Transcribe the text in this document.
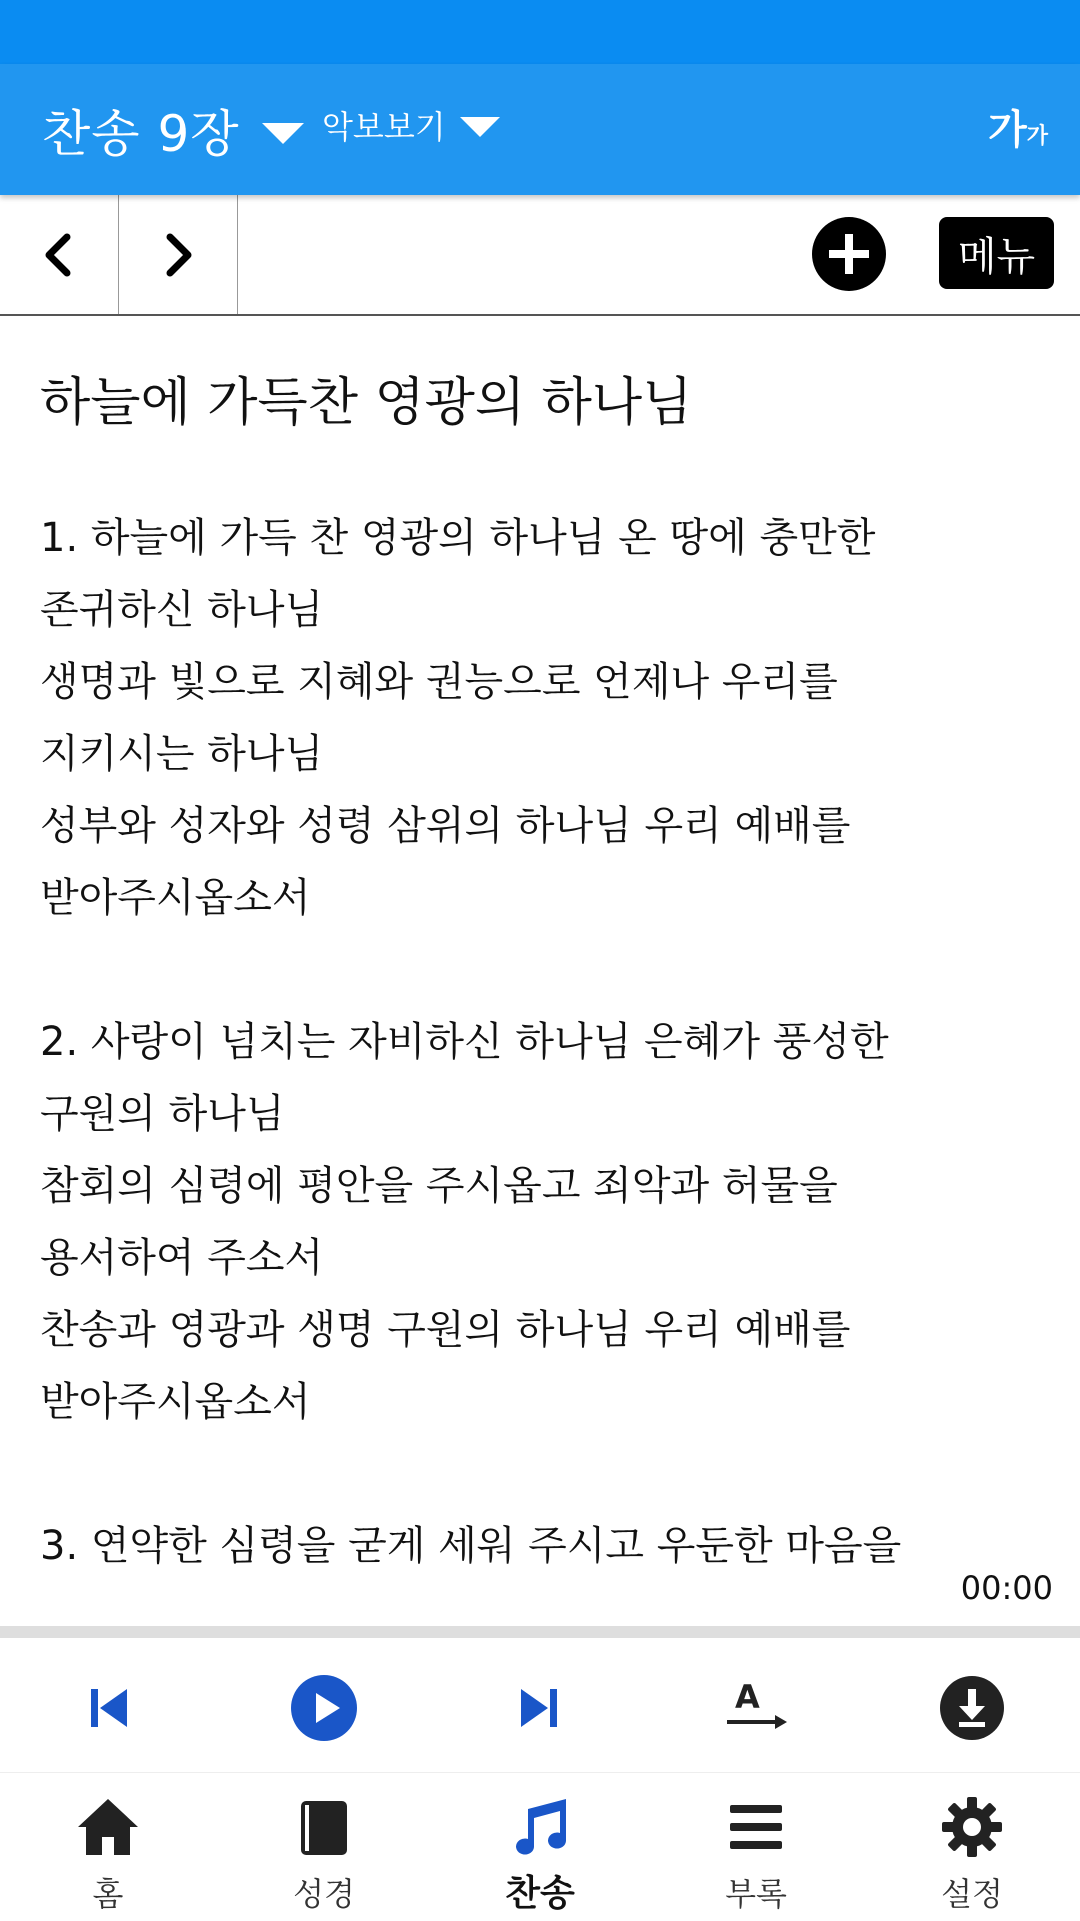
찬송 9장	악보보기	가가
메뉴
하늘에 가득찬 영광의 하나님
1. 하늘에 가득 찬 영광의 하나님 온 땅에 충만한
존귀하신 하나님
생명과 빛으로 지혜와 권능으로 언제나 우리를
지키시는 하나님
성부와 성자와 성령 삼위의 하나님 우리 예배를
받아주시옵소서
2. 사랑이 넘치는 자비하신 하나님 은혜가 풍성한
구원의 하나님
참회의 심령에 평안을 주시옵고 죄악과 허물을
용서하여 주소서
찬송과 영광과 생명 구원의 하나님 우리 예배를
받아주시옵소서
3. 연약한 심령을 굳게 세워 주시고 우둔한 마음을
00:00
A
홈	성경	찬송	부록	설정
